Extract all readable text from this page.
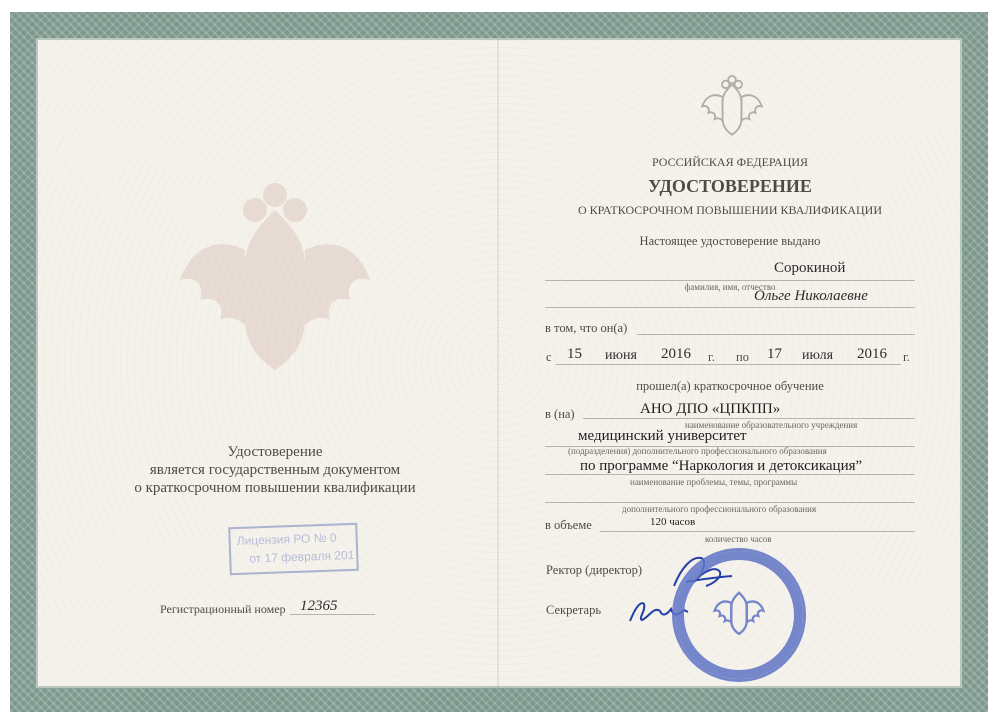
Удостоверение
является государственным документом
о краткосрочном повышении квалификации
Лицензия РО № 0
от 17 февраля 201
Регистрационный номер 12365
РОССИЙСКАЯ ФЕДЕРАЦИЯ
УДОСТОВЕРЕНИЕ
О КРАТКОСРОЧНОМ ПОВЫШЕНИИ КВАЛИФИКАЦИИ
Настоящее удостоверение выдано
Сорокиной
фамилия, имя, отчество
Ольге Николаевне
в том, что он(а)
с 15 июня 2016 г. по 17 июля 2016 г.
прошел(а) краткосрочное обучение
в (на)	АНО ДПО «ЦПКПП»
наименование образовательного учреждения
медицинский университет
(подразделения) дополнительного профессионального образования
по программе “Наркология и детоксикация”
наименование проблемы, темы, программы
дополнительного профессионального образования
в объеме	120 часов
количество часов
Ректор (директор)
Секретарь
